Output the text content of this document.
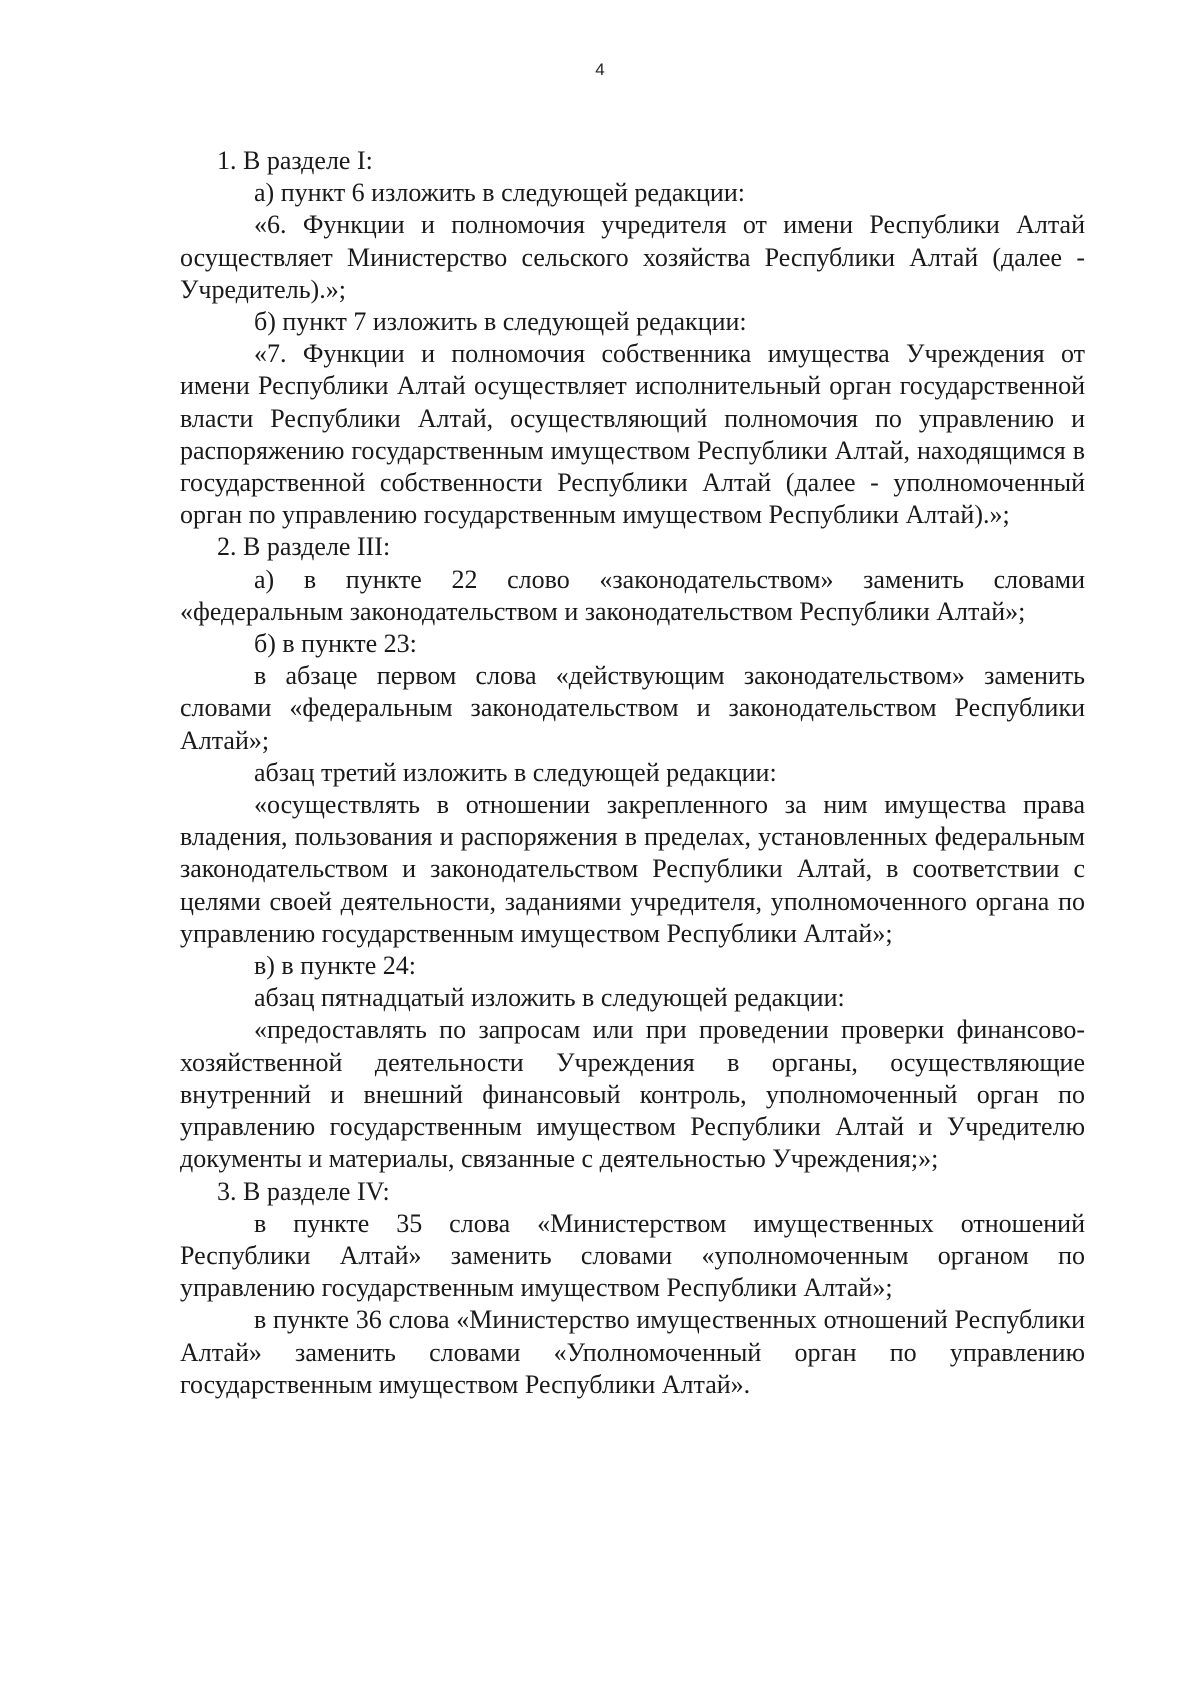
4

1. В разделе I:

а) пункт 6 изложить в следующей редакции:

«6. Функции и полномочия учредителя от имени Республики Алтай осуществляет Министерство сельского хозяйства Республики Алтай (далее - Учредитель).»;

б) пункт 7 изложить в следующей редакции:

«7. Функции и полномочия собственника имущества Учреждения от имени Республики Алтай осуществляет исполнительный орган государственной власти Республики Алтай, осуществляющий полномочия по управлению и распоряжению государственным имуществом Республики Алтай, находящимся в государственной собственности Республики Алтай (далее - уполномоченный орган по управлению государственным имуществом Республики Алтай).»;

2. В разделе III:

а) в пункте 22 слово «законодательством» заменить словами «федеральным законодательством и законодательством Республики Алтай»;

б) в пункте 23:

в абзаце первом слова «действующим законодательством» заменить словами «федеральным законодательством и законодательством Республики Алтай»;

абзац третий изложить в следующей редакции:

«осуществлять в отношении закрепленного за ним имущества права владения, пользования и распоряжения в пределах, установленных федеральным законодательством и законодательством Республики Алтай, в соответствии с целями своей деятельности, заданиями учредителя, уполномоченного органа по управлению государственным имуществом Республики Алтай»;

в) в пункте 24:

абзац пятнадцатый изложить в следующей редакции:

«предоставлять по запросам или при проведении проверки финансово-хозяйственной деятельности Учреждения в органы, осуществляющие внутренний и внешний финансовый контроль, уполномоченный орган по управлению государственным имуществом Республики Алтай и Учредителю документы и материалы, связанные с деятельностью Учреждения;»;

3. В разделе IV:

в пункте 35 слова «Министерством имущественных отношений Республики Алтай» заменить словами «уполномоченным органом по управлению государственным имуществом Республики Алтай»;

в пункте 36 слова «Министерство имущественных отношений Республики Алтай» заменить словами «Уполномоченный орган по управлению государственным имуществом Республики Алтай».
